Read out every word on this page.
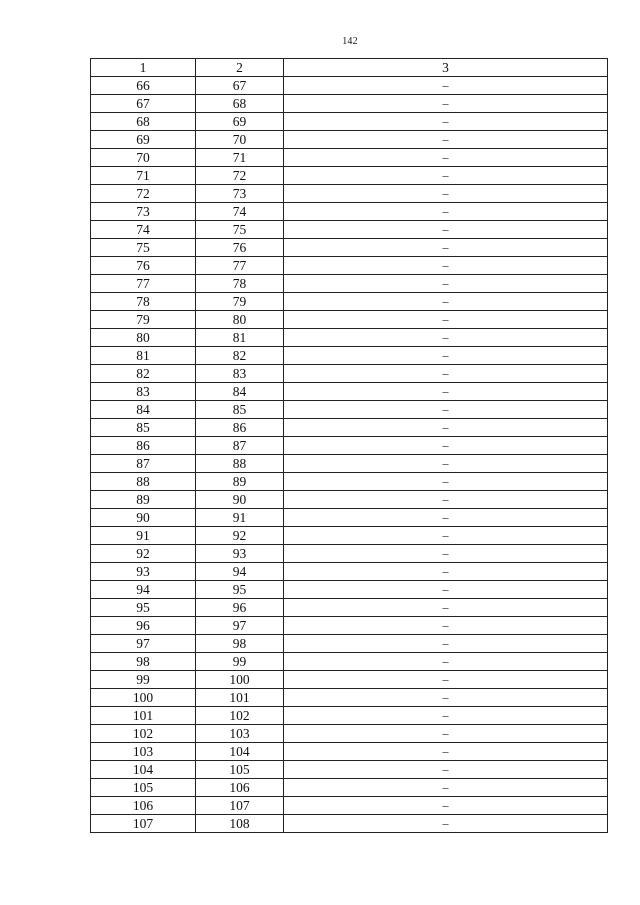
142
1	2	3
66	67	–
67	68	–
68	69	–
69	70	–
70	71	–
71	72	–
72	73	–
73	74	–
74	75	–
75	76	–
76	77	–
77	78	–
78	79	–
79	80	–
80	81	–
81	82	–
82	83	–
83	84	–
84	85	–
85	86	–
86	87	–
87	88	–
88	89	–
89	90	–
90	91	–
91	92	–
92	93	–
93	94	–
94	95	–
95	96	–
96	97	–
97	98	–
98	99	–
99	100	–
100	101	–
101	102	–
102	103	–
103	104	–
104	105	–
105	106	–
106	107	–
107	108	–
